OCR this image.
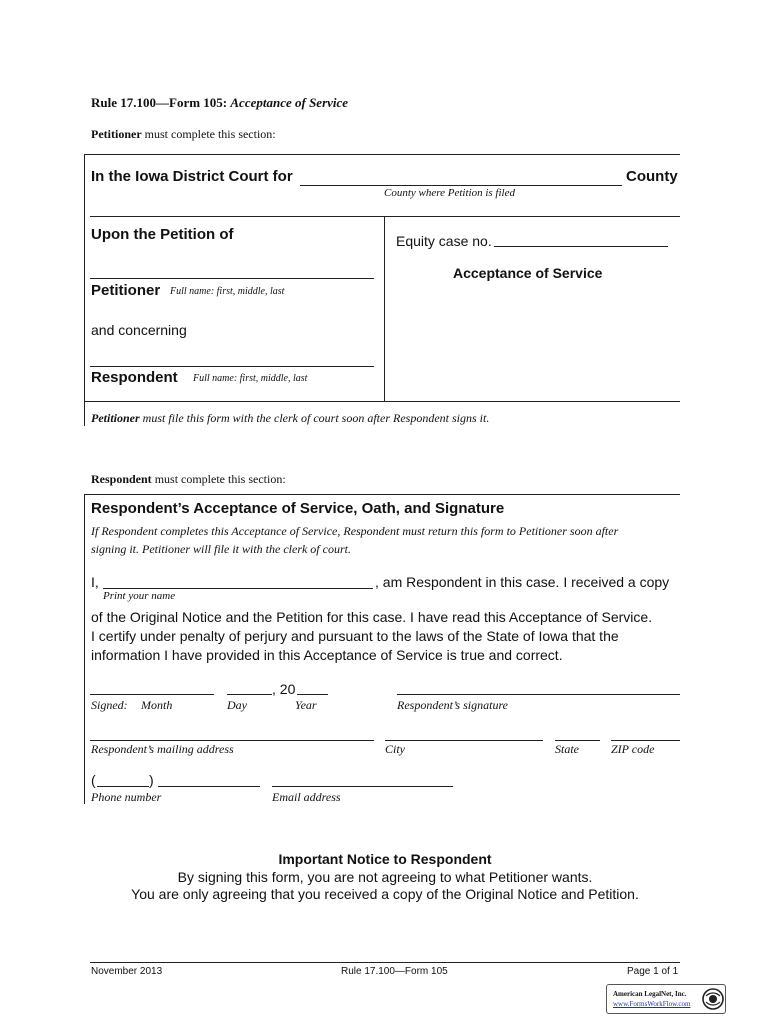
Rule 17.100—Form 105: Acceptance of Service
Petitioner must complete this section:
In the Iowa District Court for	County
County where Petition is filed
Upon the Petition of
Petitioner Full name: first, middle, last
and concerning
Respondent Full name: first, middle, last
Equity case no.
Acceptance of Service
Petitioner must file this form with the clerk of court soon after Respondent signs it.
Respondent must complete this section:
Respondent’s Acceptance of Service, Oath, and Signature
If Respondent completes this Acceptance of Service, Respondent must return this form to Petitioner soon after
signing it. Petitioner will file it with the clerk of court.
I,	, am Respondent in this case. I received a copy
Print your name
of the Original Notice and the Petition for this case. I have read this Acceptance of Service.
I certify under penalty of perjury and pursuant to the laws of the State of Iowa that the
information I have provided in this Acceptance of Service is true and correct.
, 20
Signed: Month	Day	Year	Respondent’s signature
Respondent’s mailing address	City	State	ZIP code
(	)
Phone number	Email address
Important Notice to Respondent
By signing this form, you are not agreeing to what Petitioner wants.
You are only agreeing that you received a copy of the Original Notice and Petition.
November 2013	Rule 17.100—Form 105	Page 1 of 1
American LegalNet, Inc.
www.FormsWorkFlow.com
